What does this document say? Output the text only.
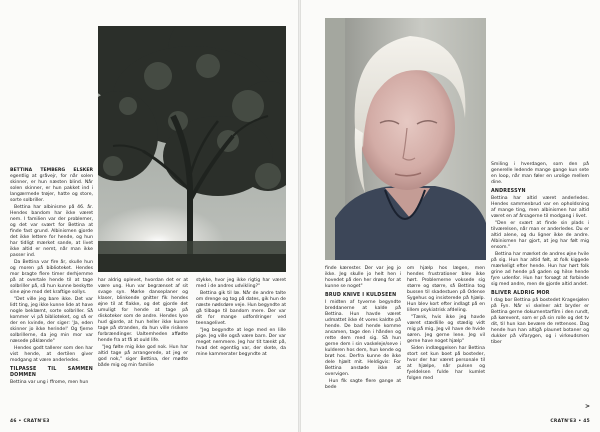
BETTINA TEMBERG ELSKER egentlig at gråvejr, for når solen skinner, er hun næsten blind. Når solen skinner, er hun pakket ind i langærmede trøjer, hatte og store, sorte solbriller.

Bettina har albinisme på 46. år. Hendes bandom har ikke været nem. I familien var der problemer, og det var svært for Bettina at finde fast grund. Albinismen gjorde det ikke lettere for hende, og hun har tidligt mærket sande, at livet ikke altid er nemt, når man ikke passer ind.

Da Bettina var fire år, skulle hun og moren på biblioteket. Hendes mor bragte flere timer derhjemme på at overtale hende til at tage solbriller på, så hun kunne beskytte sine øjne mod det kraftige sollys.

"Det ville jeg bare ikke. Det var lidt ting, jeg ikke kunne lide at have nogle beklæmt, sorte solbriller. Så kommer vi på biblioteket, og så er der en kvinde, der siger: 'Ja, eden skinner jo ikke herinde!' Og fjerne solbrillerne, da jeg min mor var næsede påklænde"

Hendes godt tallerer som den har vist hende, at dertilen giver modgang at være anderledes.

TILPASSE TIL SAMMEN DOMMEN

Bettina var ung i ffrome, men hun

har aldrig oplevet, hvordan det er at være ung. Hun var begrænset af sit svage syn. Mørke danseplaner og klaser, blinkende gnitter fik hendes øjne til at flakke, og det gjorde det umuligt for hende at tage på diskoteker som de andre. Hendes lyse hud gjorde, at hun heller ikke kunne tage på stranden, da hun ville risikere forbrændinger. Ualtemheden affødte hende fra at få at ould life.

"Jeg følte mig ikke god nok. Hun har altid tage på arrangerede, at jeg er god nok," siger Bettina, der mødte både mig og min familie

stykke, hvor jeg ikke rigtig har været med i de andres udvikling?"

Bettina gik til læ. Når de andre talte om drenge og tog på dates, gik hun de næste nødsdøre veje. Hun begyndte at gå tilbage til bandom mere. Der var dit for mange udfordringer ved teenagelivet.

"Jeg begyndte at lege med en lille pige. Jeg ville også være barn. Der var meget nemmere. Jeg har tit tænkt på, hvad det egentlig var, der skete, da mine kammerater begyndte at

46 • CRATN'E3

finde kærester. Der var jeg jo ikke. Jeg skulle jo helt hen i hovedet på den her drøng for at kunne se noget"

BRUD KNIVE I KULDSEEN

I midten af tyverne begyndte breddanerne at kalde på Bettina. Hun havde været udmattet ikke ét vores kaldte på hende. De bad hende komme ansamen, tage den i hånden og rette dem med sig. Så hun gerne dem i sin vaskeleje/seve i kulderen hos dem, hun kende og brøt hos. Derfra kunne de ikke dele hjælt mit. Heldigvis: For Bettina anstøde ikke at overvigen.

Hun fik sagte flere gange at bede

om hjælp hos lægen, men hendes frustrationer blev ikke hørt. Problemerne voksede sig større og større, så Bettina tog bussen til skadestuen på Odense Sygehus og insisterede på hjælp. Hun blev kort efter indlagt på en lillem psykiatrisk afdeling.

"Tænk, hvis ikke jeg havde været stædlille og stædig vidt mig på mig. Jeg vil have de hvide søren. Jeg gerne lene. Jeg vil gerne have noget hjælp"

Siden indlæggelsen har Bettina stort set kun boet på bosteder, hvor der har været personale til at hjælpe, når pulsen og fyeldelsen fulde har kumlet folgen med

Smiling i hverdagen, som den på generelle ledende mange gange kun sete en loop, når man føler en urolige mellem dine.

ANDRESSYN

Bettina har altid været anderledes. Hendes sammenbrud var en opholdsning af mange ting, men albinismen har altid været en af årsagerne til modgang i livet.

"Den er svært at finde sin plads i tilværelsen, når man er anderledes. Du er altid alene, og du ligner ikke de andre. Albinismen har gjort, at jeg har følt mig ensom."

Bettina har mærket de andres øjne hvile på sig. Hun har altid følt, at folk kiggede mærkeligt efter hende. Hun har hørt folk grine ad hende på gaden og hilse hende fyre udenfor. Hun har forsøgt at forbinde sig med andre, men de gjorde altid andet.

BLIVER ALDRIG MOR

I dag bor Bettina på bostedet Kragesjølen på Fyn. Når vi skelner akt bryder er Bettina gerne dokumentarfilm i den rundt, på kørevent, som er på sin rolle og det tv dit, til hun kan bevære de rettenses. Dag hende hun han altigå plaunet botaner og dukker på vifarygen, og i virkeudsmen tiber

>
CRATN'E3 • 45
